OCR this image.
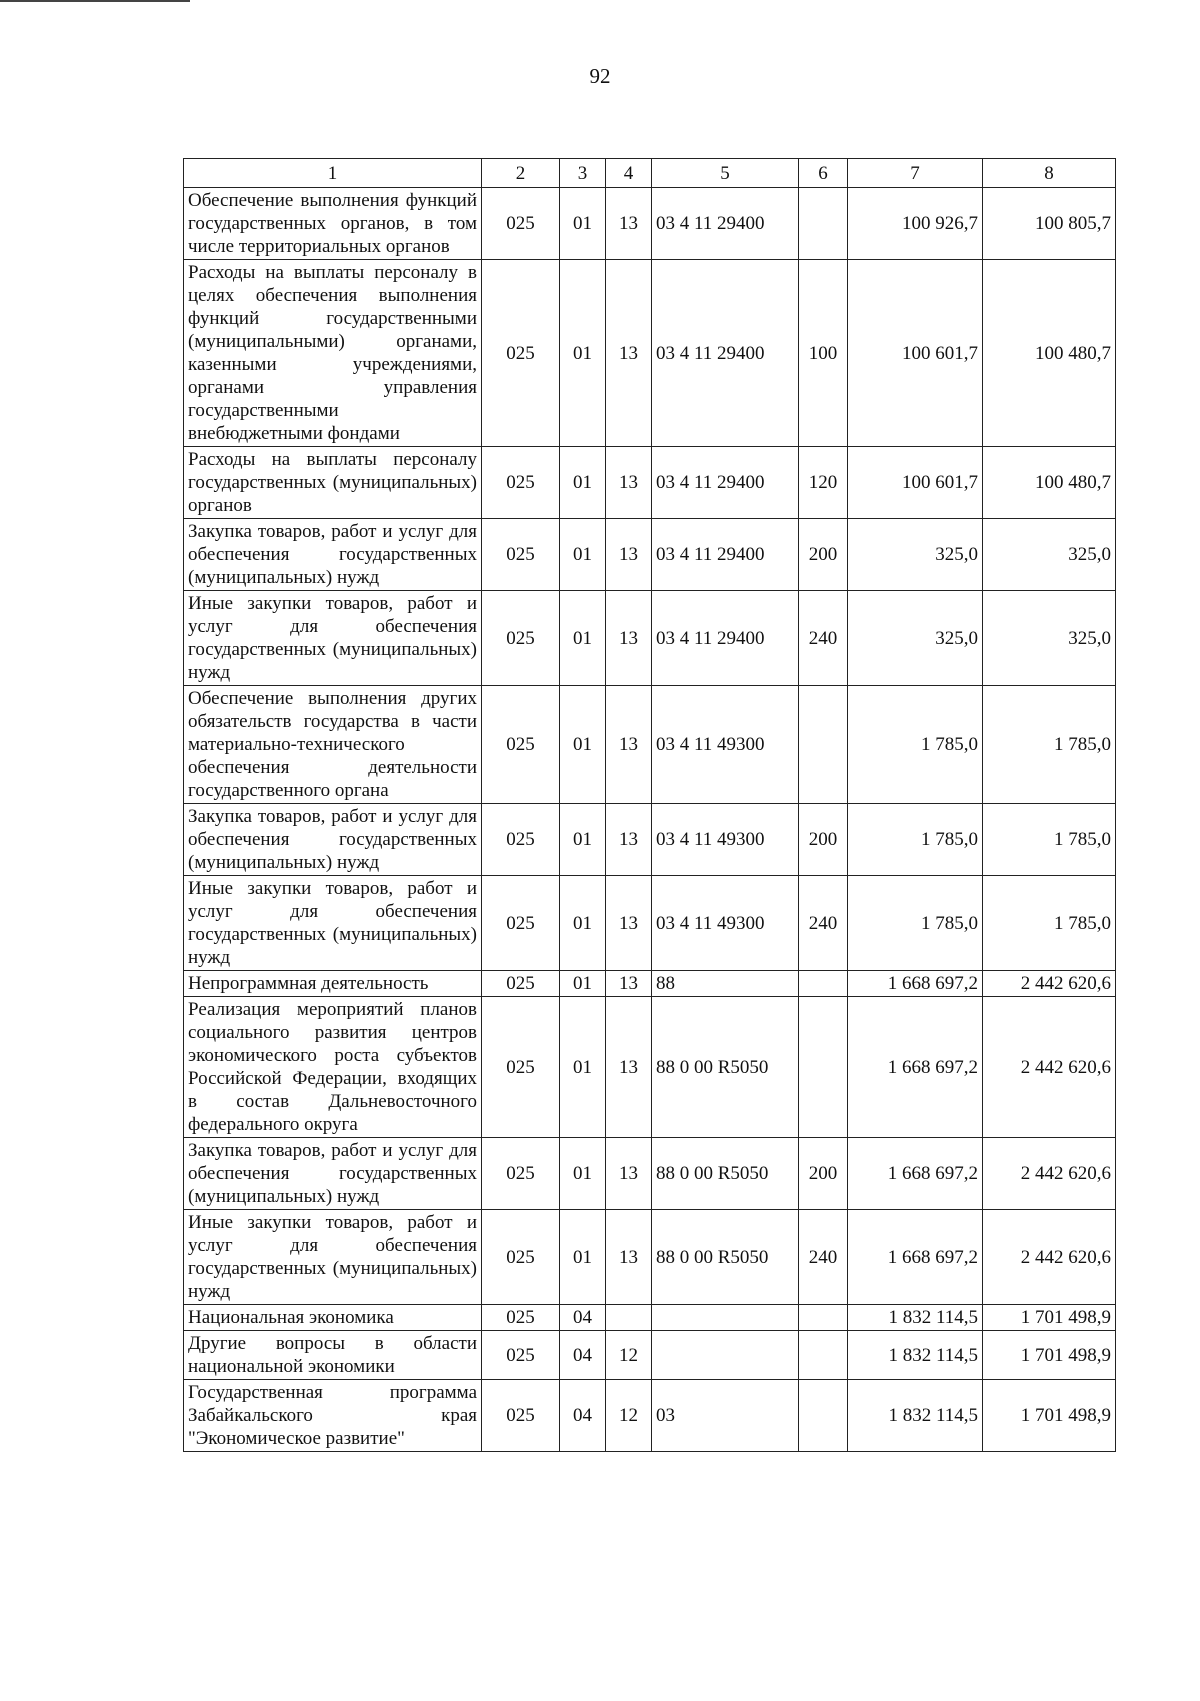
92
1	2	3	4	5	6	7	8
Обеспечение выполнения функций государственных органов, в том числе территориальных органов	025	01	13	03 4 11 29400		100 926,7	100 805,7
Расходы на выплаты персоналу в целях обеспечения выполнения функций государственными (муниципальными) органами, казенными учреждениями, органами управления государственными внебюджетными фондами	025	01	13	03 4 11 29400	100	100 601,7	100 480,7
Расходы на выплаты персоналу государственных (муниципальных) органов	025	01	13	03 4 11 29400	120	100 601,7	100 480,7
Закупка товаров, работ и услуг для обеспечения государственных (муниципальных) нужд	025	01	13	03 4 11 29400	200	325,0	325,0
Иные закупки товаров, работ и услуг для обеспечения государственных (муниципальных) нужд	025	01	13	03 4 11 29400	240	325,0	325,0
Обеспечение выполнения других обязательств государства в части материально-технического обеспечения деятельности государственного органа	025	01	13	03 4 11 49300		1 785,0	1 785,0
Закупка товаров, работ и услуг для обеспечения государственных (муниципальных) нужд	025	01	13	03 4 11 49300	200	1 785,0	1 785,0
Иные закупки товаров, работ и услуг для обеспечения государственных (муниципальных) нужд	025	01	13	03 4 11 49300	240	1 785,0	1 785,0
Непрограммная деятельность	025	01	13	88		1 668 697,2	2 442 620,6
Реализация мероприятий планов социального развития центров экономического роста субъектов Российской Федерации, входящих в состав Дальневосточного федерального округа	025	01	13	88 0 00 R5050		1 668 697,2	2 442 620,6
Закупка товаров, работ и услуг для обеспечения государственных (муниципальных) нужд	025	01	13	88 0 00 R5050	200	1 668 697,2	2 442 620,6
Иные закупки товаров, работ и услуг для обеспечения государственных (муниципальных) нужд	025	01	13	88 0 00 R5050	240	1 668 697,2	2 442 620,6
Национальная экономика	025	04				1 832 114,5	1 701 498,9
Другие вопросы в области национальной экономики	025	04	12			1 832 114,5	1 701 498,9
Государственная программа Забайкальского края "Экономическое развитие"	025	04	12	03		1 832 114,5	1 701 498,9
